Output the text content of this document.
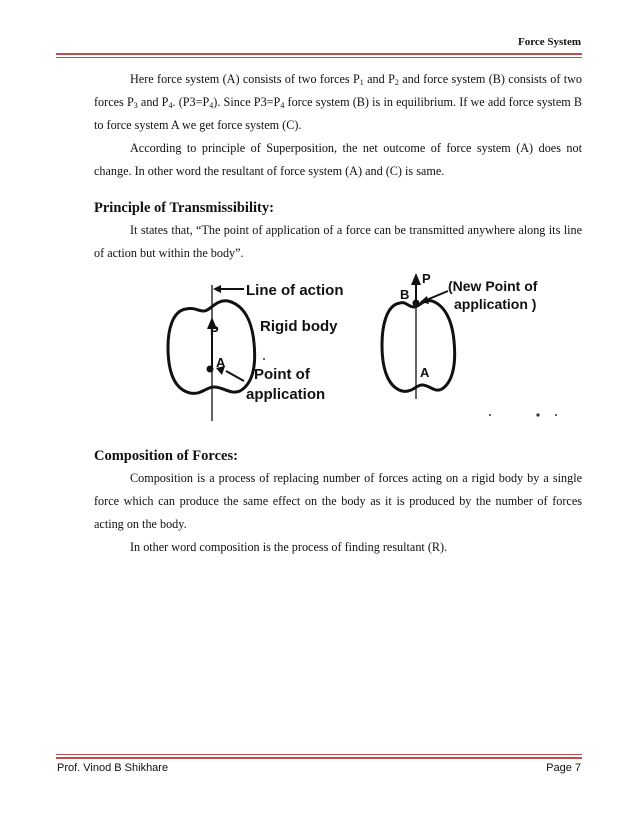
Force System

Here force system (A) consists of two forces $P_1$ and $P_2$ and force system (B) consists of two forces $P_3$ and $P_4$. $(P3=P_4)$. Since $P3=P_4$ force system (B) is in equilibrium. If we add force system B to force system A we get force system (C).

According to principle of Superposition, the net outcome of force system (A) does not change. In other word the resultant of force system (A) and (C) is same.

Principle of Transmissibility:

It states that, “The point of application of a force can be transmitted anywhere along its line of action but within the body”.

Line of action
P	Rigid body
A
Point of
application
P
B
A
(New Point of
application )

Composition of Forces:

Composition is a process of replacing number of forces acting on a rigid body by a single force which can produce the same effect on the body as it is produced by the number of forces acting on the body.

In other word composition is the process of finding resultant (R).

Prof. Vinod B Shikhare	Page 7
